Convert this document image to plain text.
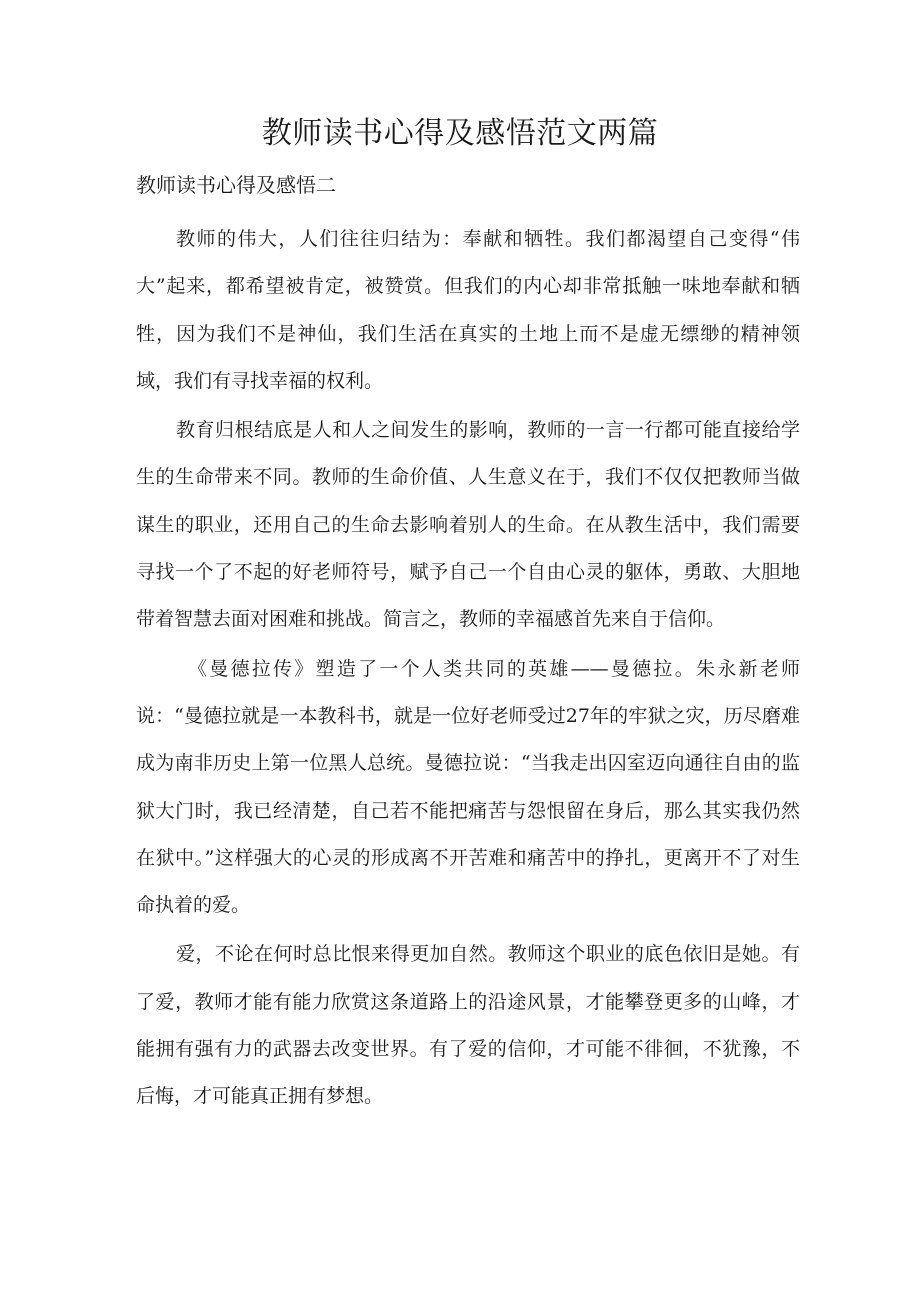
教师读书心得及感悟范文两篇

教师读书心得及感悟二

教师的伟大，人们往往归结为：奉献和牺牲。我们都渴望自己变得“伟大”起来，都希望被肯定，被赞赏。但我们的内心却非常抵触一味地奉献和牺牲，因为我们不是神仙，我们生活在真实的土地上而不是虚无缥缈的精神领域，我们有寻找幸福的权利。

教育归根结底是人和人之间发生的影响，教师的一言一行都可能直接给学生的生命带来不同。教师的生命价值、人生意义在于，我们不仅仅把教师当做谋生的职业，还用自己的生命去影响着别人的生命。在从教生活中，我们需要寻找一个了不起的好老师符号，赋予自己一个自由心灵的躯体，勇敢、大胆地带着智慧去面对困难和挑战。简言之，教师的幸福感首先来自于信仰。

《曼德拉传》塑造了一个人类共同的英雄——曼德拉。朱永新老师说：“曼德拉就是一本教科书，就是一位好老师受过27年的牢狱之灾，历尽磨难成为南非历史上第一位黑人总统。曼德拉说：“当我走出囚室迈向通往自由的监狱大门时，我已经清楚，自己若不能把痛苦与怨恨留在身后，那么其实我仍然在狱中。”这样强大的心灵的形成离不开苦难和痛苦中的挣扎，更离开不了对生命执着的爱。

爱，不论在何时总比恨来得更加自然。教师这个职业的底色依旧是她。有了爱，教师才能有能力欣赏这条道路上的沿途风景，才能攀登更多的山峰，才能拥有强有力的武器去改变世界。有了爱的信仰，才可能不徘徊，不犹豫，不后悔，才可能真正拥有梦想。
